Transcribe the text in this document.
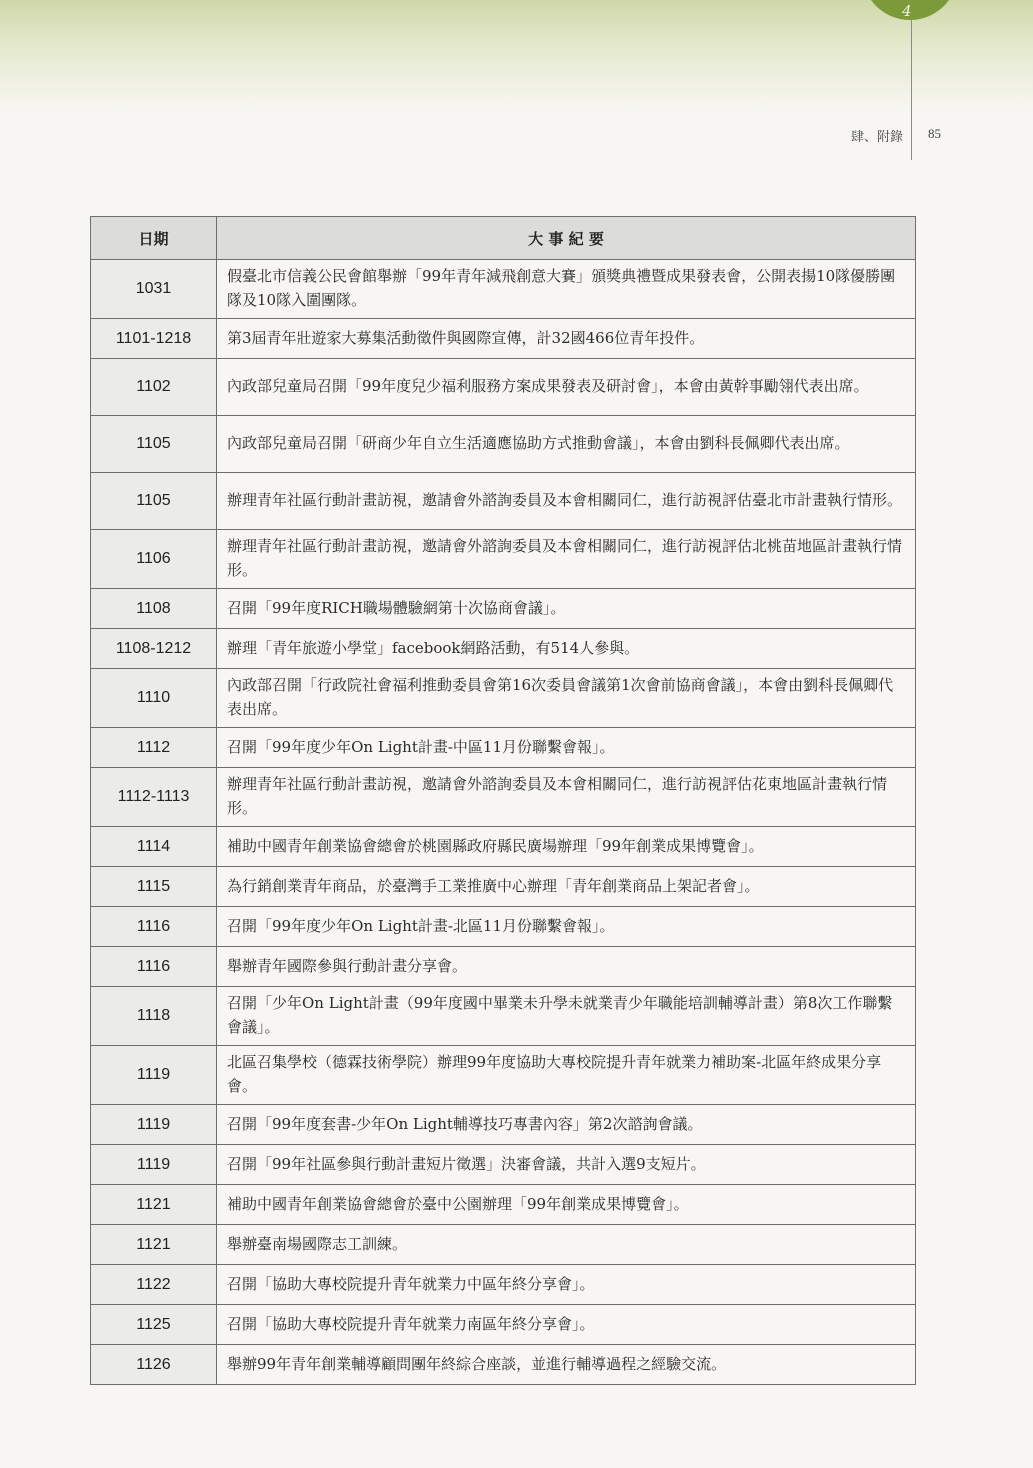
4
肆、附錄 85
日期	大 事 紀 要
1031	假臺北市信義公民會館舉辦「99年青年減飛創意大賽」頒獎典禮暨成果發表會，公開表揚10隊優勝團隊及10隊入圍團隊。
1101-1218	第3屆青年壯遊家大募集活動徵件與國際宣傳，計32國466位青年投件。
1102	內政部兒童局召開「99年度兒少福利服務方案成果發表及研討會」，本會由黃幹事勵翎代表出席。
1105	內政部兒童局召開「研商少年自立生活適應協助方式推動會議」，本會由劉科長佩卿代表出席。
1105	辦理青年社區行動計畫訪視，邀請會外諮詢委員及本會相關同仁，進行訪視評估臺北市計畫執行情形。
1106	辦理青年社區行動計畫訪視，邀請會外諮詢委員及本會相關同仁，進行訪視評估北桃苗地區計畫執行情形。
1108	召開「99年度RICH職場體驗網第十次協商會議」。
1108-1212	辦理「青年旅遊小學堂」facebook網路活動，有514人參與。
1110	內政部召開「行政院社會福利推動委員會第16次委員會議第1次會前協商會議」，本會由劉科長佩卿代表出席。
1112	召開「99年度少年On Light計畫-中區11月份聯繫會報」。
1112-1113	辦理青年社區行動計畫訪視，邀請會外諮詢委員及本會相關同仁，進行訪視評估花東地區計畫執行情形。
1114	補助中國青年創業協會總會於桃園縣政府縣民廣場辦理「99年創業成果博覽會」。
1115	為行銷創業青年商品，於臺灣手工業推廣中心辦理「青年創業商品上架記者會」。
1116	召開「99年度少年On Light計畫-北區11月份聯繫會報」。
1116	舉辦青年國際參與行動計畫分享會。
1118	召開「少年On Light計畫（99年度國中畢業未升學未就業青少年職能培訓輔導計畫）第8次工作聯繫會議」。
1119	北區召集學校（德霖技術學院）辦理99年度協助大專校院提升青年就業力補助案-北區年終成果分享會。
1119	召開「99年度套書-少年On Light輔導技巧專書內容」第2次諮詢會議。
1119	召開「99年社區參與行動計畫短片徵選」決審會議，共計入選9支短片。
1121	補助中國青年創業協會總會於臺中公園辦理「99年創業成果博覽會」。
1121	舉辦臺南場國際志工訓練。
1122	召開「協助大專校院提升青年就業力中區年終分享會」。
1125	召開「協助大專校院提升青年就業力南區年終分享會」。
1126	舉辦99年青年創業輔導顧問團年終綜合座談，並進行輔導過程之經驗交流。
